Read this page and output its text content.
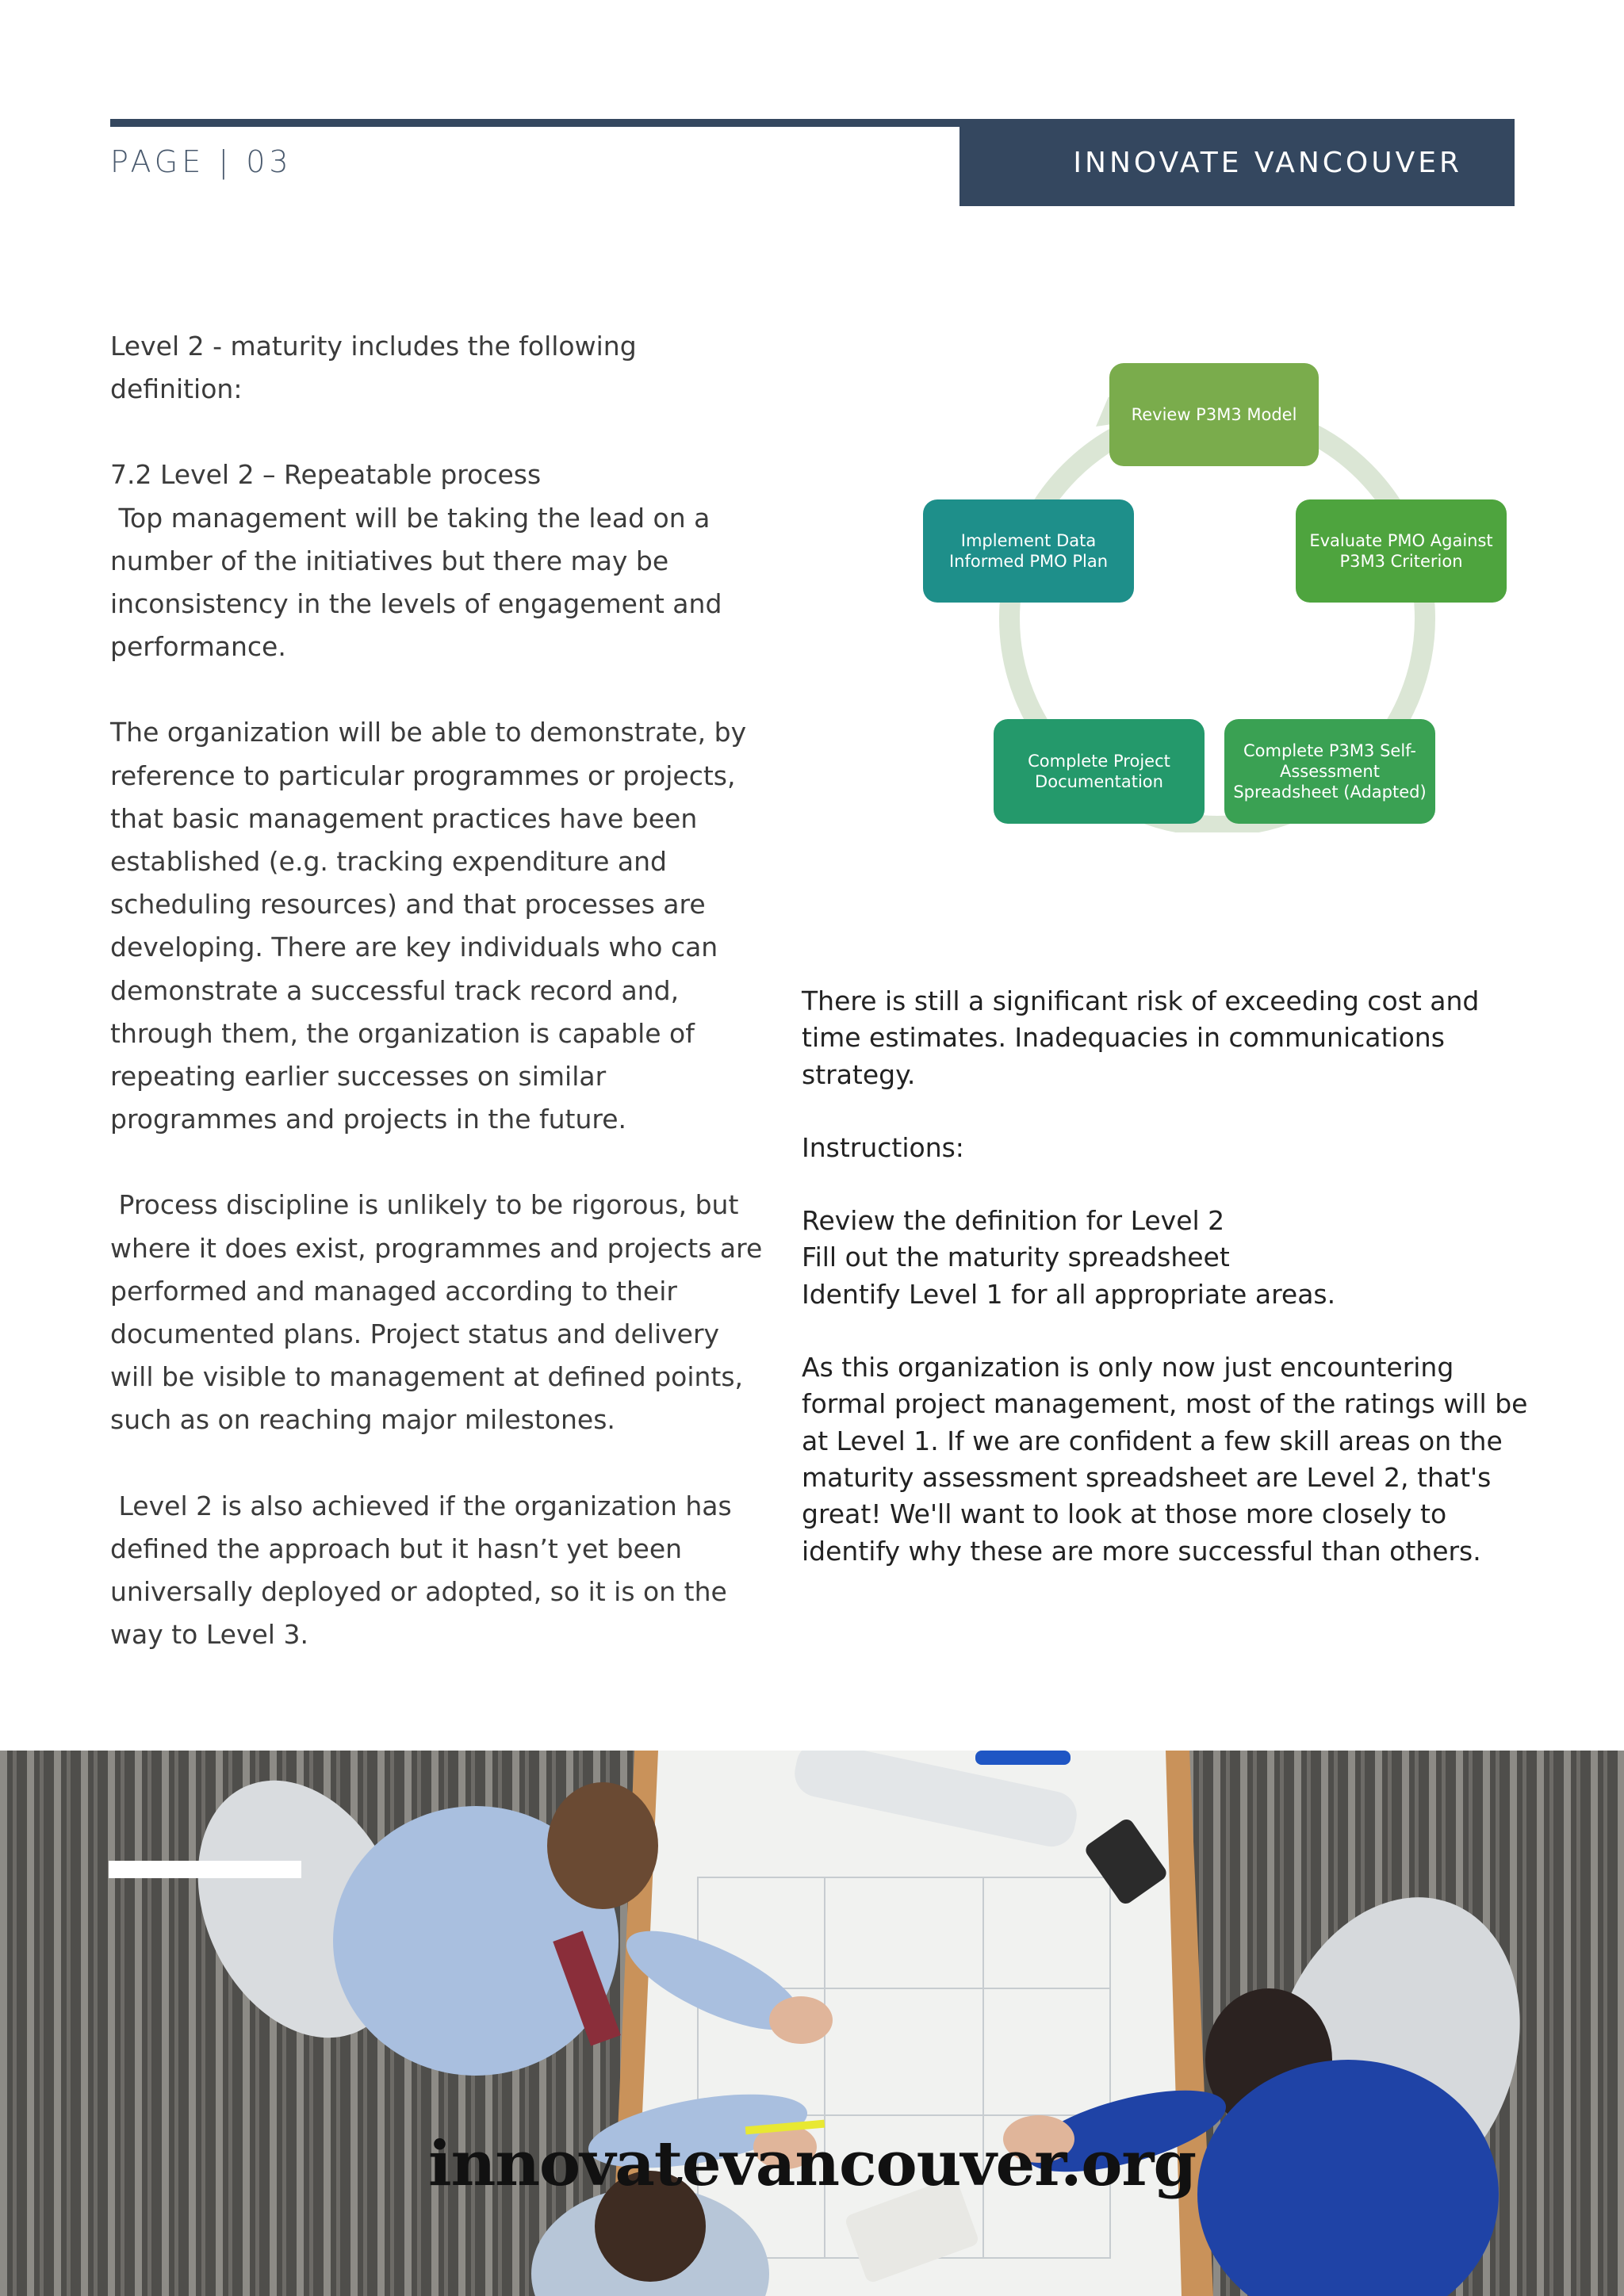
PAGE | 03	INNOVATE VANCOUVER

Level 2 - maturity includes the following definition:

7.2 Level 2 – Repeatable process

Top management will be taking the lead on a number of the initiatives but there may be inconsistency in the levels of engagement and performance.

The organization will be able to demonstrate, by reference to particular programmes or projects, that basic management practices have been established (e.g. tracking expenditure and scheduling resources) and that processes are developing. There are key individuals who can demonstrate a successful track record and, through them, the organization is capable of repeating earlier successes on similar programmes and projects in the future.

Process discipline is unlikely to be rigorous, but where it does exist, programmes and projects are performed and managed according to their documented plans. Project status and delivery will be visible to management at defined points, such as on reaching major milestones.

Level 2 is also achieved if the organization has defined the approach but it hasn’t yet been universally deployed or adopted, so it is on the way to Level 3.

Review P3M3 Model
Evaluate PMO Against P3M3 Criterion
Complete P3M3 Self-Assessment Spreadsheet (Adapted)
Complete Project Documentation
Implement Data Informed PMO Plan

There is still a significant risk of exceeding cost and time estimates. Inadequacies in communications strategy.

Instructions:

Review the definition for Level 2

Fill out the maturity spreadsheet

Identify Level 1 for all appropriate areas.

As this organization is only now just encountering formal project management, most of the ratings will be at Level 1. If we are confident a few skill areas on the maturity assessment spreadsheet are Level 2, that's great! We'll want to look at those more closely to identify why these are more successful than others.

innovatevancouver.org
